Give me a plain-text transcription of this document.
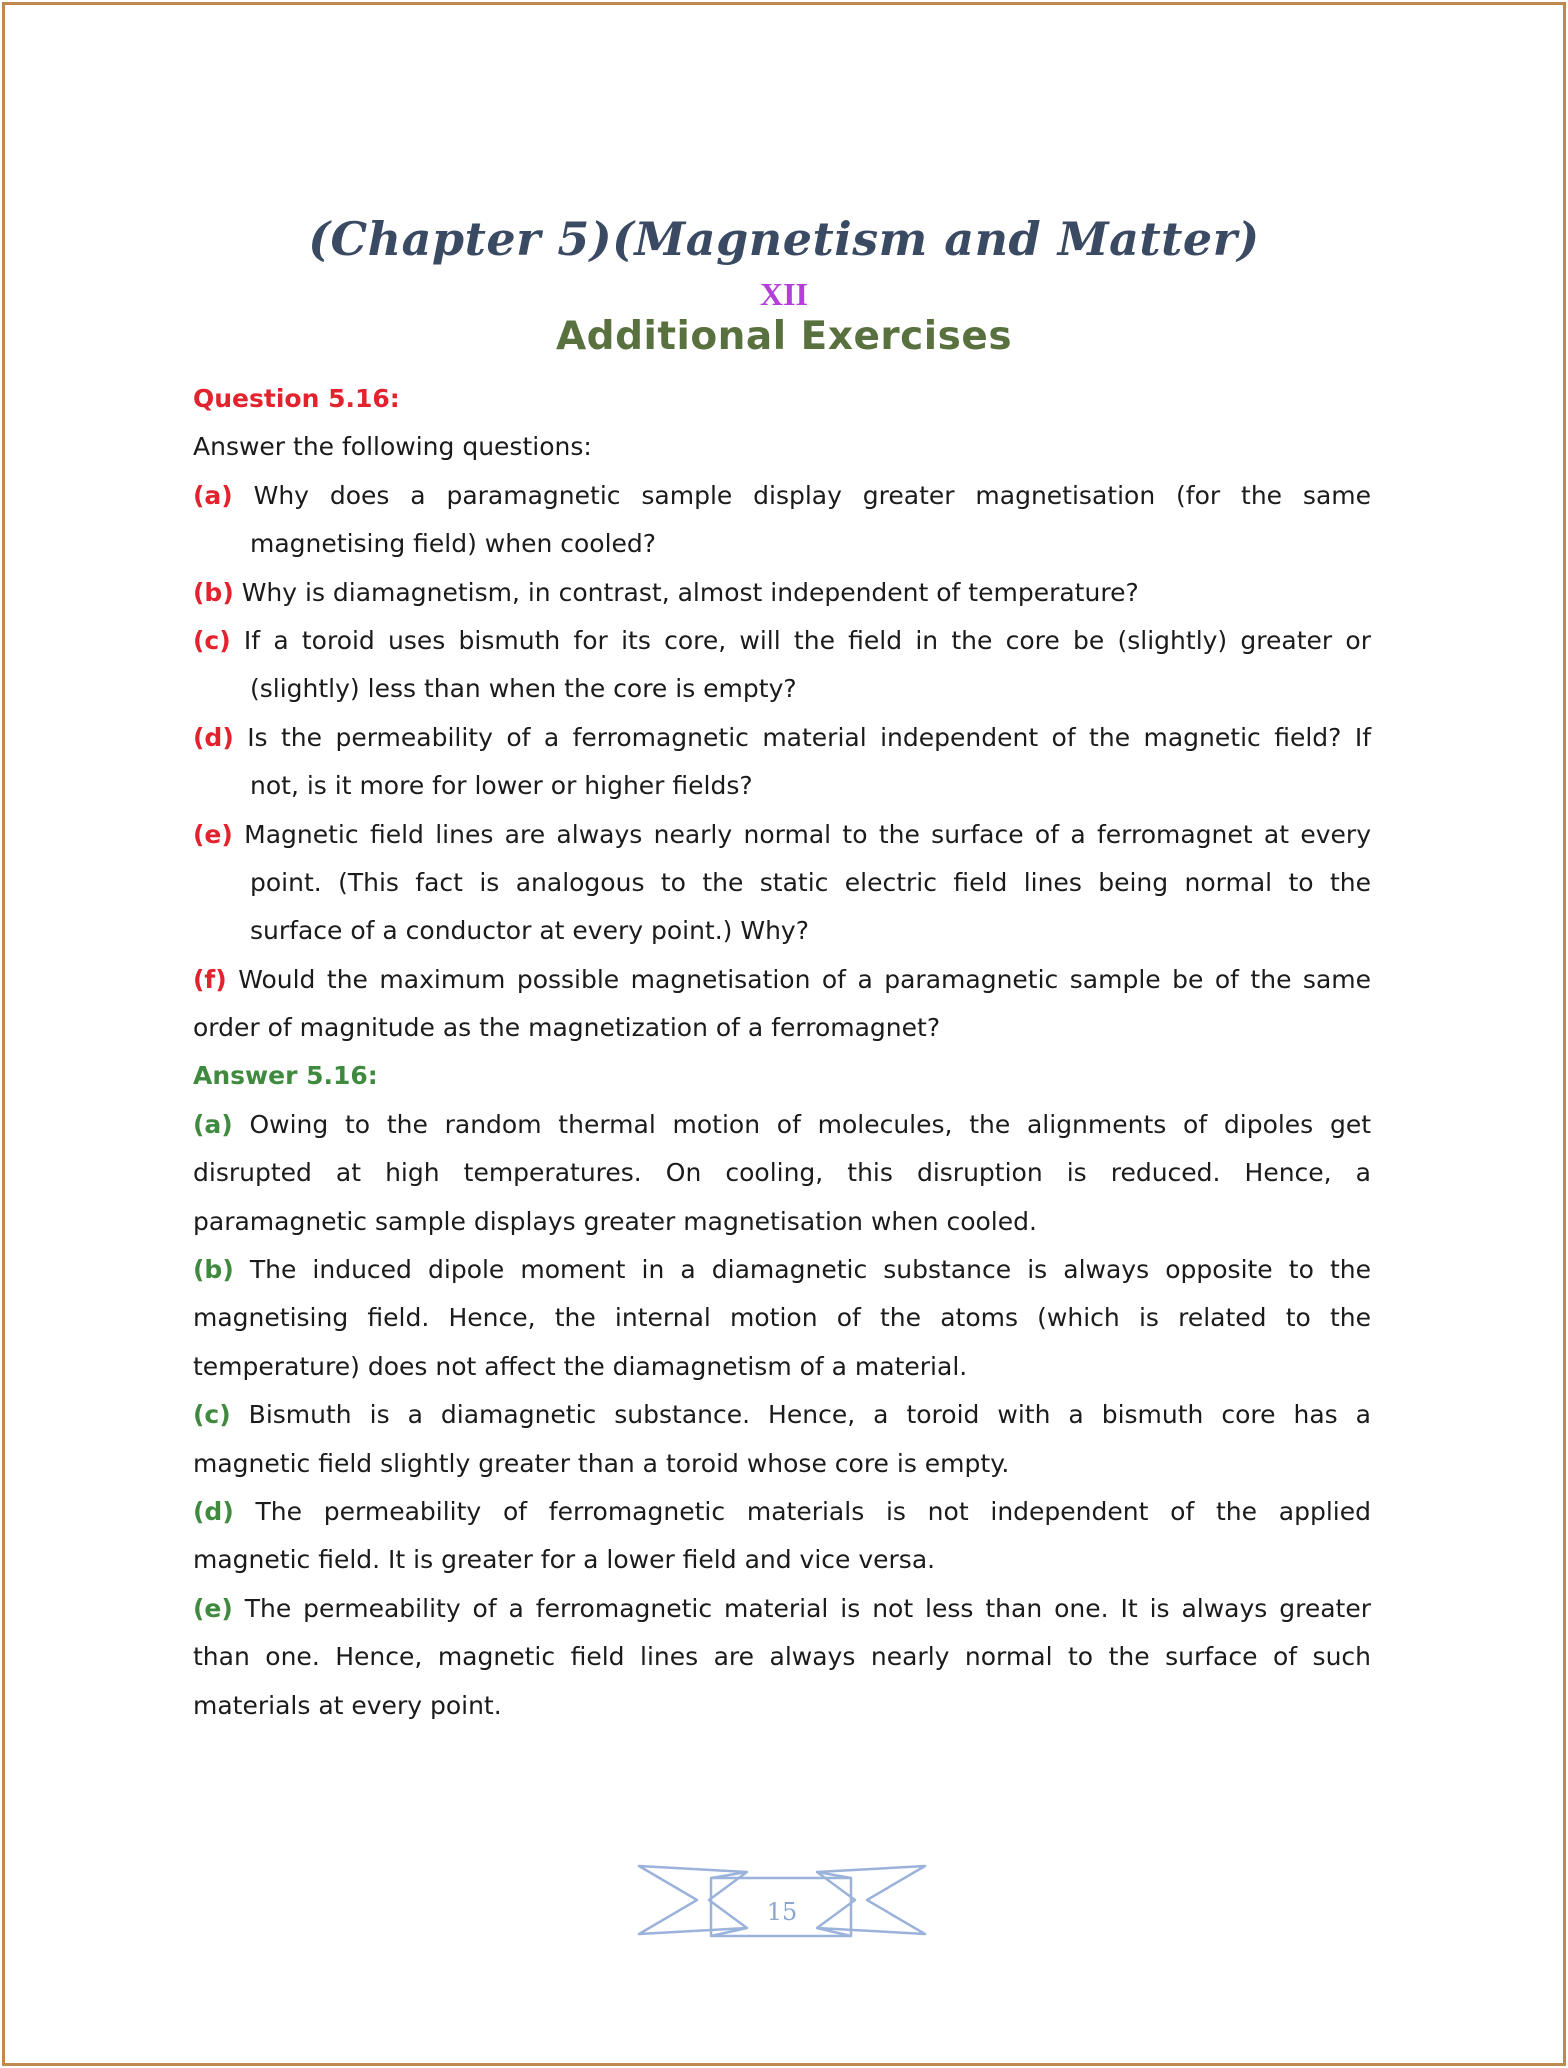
(Chapter 5)(Magnetism and Matter)
XII
Additional Exercises
Question 5.16:
Answer the following questions:
(a) Why does a paramagnetic sample display greater magnetisation (for the same
magnetising field) when cooled?
(b) Why is diamagnetism, in contrast, almost independent of temperature?
(c) If a toroid uses bismuth for its core, will the field in the core be (slightly) greater or
(slightly) less than when the core is empty?
(d) Is the permeability of a ferromagnetic material independent of the magnetic field? If
not, is it more for lower or higher fields?
(e) Magnetic field lines are always nearly normal to the surface of a ferromagnet at every
point. (This fact is analogous to the static electric field lines being normal to the
surface of a conductor at every point.) Why?
(f) Would the maximum possible magnetisation of a paramagnetic sample be of the same
order of magnitude as the magnetization of a ferromagnet?
Answer 5.16:
(a) Owing to the random thermal motion of molecules, the alignments of dipoles get
disrupted at high temperatures. On cooling, this disruption is reduced. Hence, a
paramagnetic sample displays greater magnetisation when cooled.
(b) The induced dipole moment in a diamagnetic substance is always opposite to the
magnetising field. Hence, the internal motion of the atoms (which is related to the
temperature) does not affect the diamagnetism of a material.
(c) Bismuth is a diamagnetic substance. Hence, a toroid with a bismuth core has a
magnetic field slightly greater than a toroid whose core is empty.
(d) The permeability of ferromagnetic materials is not independent of the applied
magnetic field. It is greater for a lower field and vice versa.
(e) The permeability of a ferromagnetic material is not less than one. It is always greater
than one. Hence, magnetic field lines are always nearly normal to the surface of such
materials at every point.
15
